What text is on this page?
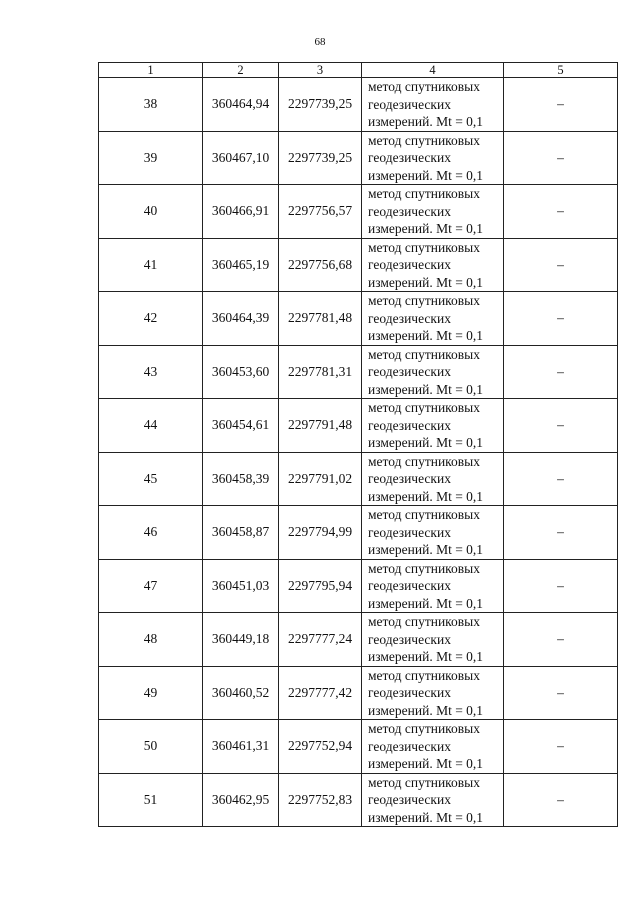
68
1	2	3	4	5
38	360464,94	2297739,25	метод спутниковых
геодезических
измерений. Mt = 0,1	–
39	360467,10	2297739,25	метод спутниковых
геодезических
измерений. Mt = 0,1	–
40	360466,91	2297756,57	метод спутниковых
геодезических
измерений. Mt = 0,1	–
41	360465,19	2297756,68	метод спутниковых
геодезических
измерений. Mt = 0,1	–
42	360464,39	2297781,48	метод спутниковых
геодезических
измерений. Mt = 0,1	–
43	360453,60	2297781,31	метод спутниковых
геодезических
измерений. Mt = 0,1	–
44	360454,61	2297791,48	метод спутниковых
геодезических
измерений. Mt = 0,1	–
45	360458,39	2297791,02	метод спутниковых
геодезических
измерений. Mt = 0,1	–
46	360458,87	2297794,99	метод спутниковых
геодезических
измерений. Mt = 0,1	–
47	360451,03	2297795,94	метод спутниковых
геодезических
измерений. Mt = 0,1	–
48	360449,18	2297777,24	метод спутниковых
геодезических
измерений. Mt = 0,1	–
49	360460,52	2297777,42	метод спутниковых
геодезических
измерений. Mt = 0,1	–
50	360461,31	2297752,94	метод спутниковых
геодезических
измерений. Mt = 0,1	–
51	360462,95	2297752,83	метод спутниковых
геодезических
измерений. Mt = 0,1	–
